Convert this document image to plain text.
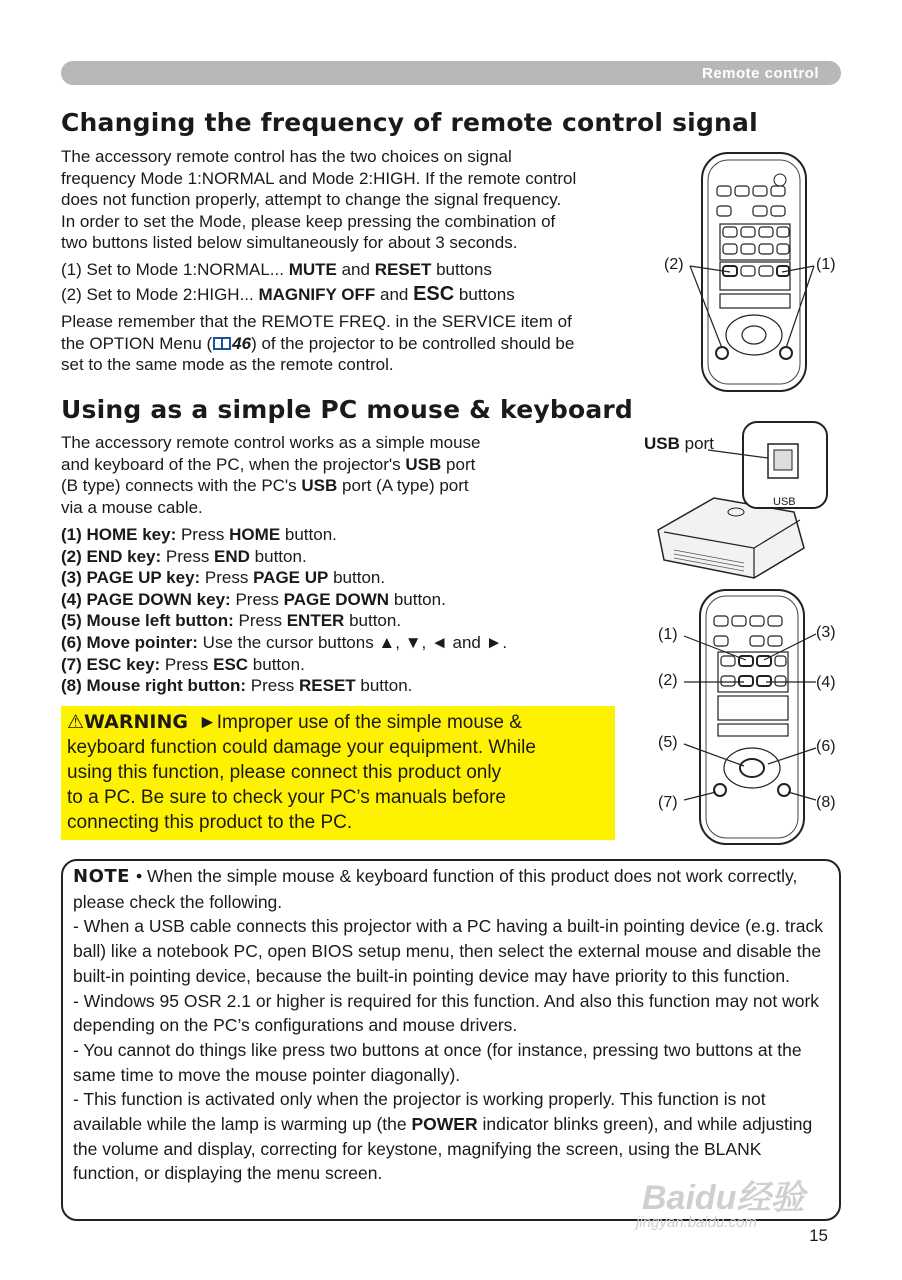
Remote control
Changing the frequency of remote control signal

The accessory remote control has the two choices on signal

frequency Mode 1:NORMAL and Mode 2:HIGH. If the remote control

does not function properly, attempt to change the signal frequency.

In order to set the Mode, please keep pressing the combination of

two buttons listed below simultaneously for about 3 seconds.

(1) Set to Mode 1:NORMAL... MUTE and RESET buttons

(2) Set to Mode 2:HIGH... MAGNIFY OFF and ESC buttons

Please remember that the REMOTE FREQ. in the SERVICE item of

the OPTION Menu ( 46) of the projector to be controlled should be

set to the same mode as the remote control.

(2)	(1)
Using as a simple PC mouse & keyboard

The accessory remote control works as a simple mouse

and keyboard of the PC, when the projector's USB port

(B type) connects with the PC's USB port (A type) port

via a mouse cable.

(1) HOME key: Press HOME button.
(2) END key: Press END button.
(3) PAGE UP key: Press PAGE UP button.
(4) PAGE DOWN key: Press PAGE DOWN button.
(5) Mouse left button: Press ENTER button.
(6) Move pointer: Use the cursor buttons ▲, ▼, ◄ and ►.
(7) ESC key: Press ESC button.
(8) Mouse right button: Press RESET button.
USB port
USB
(1)
(2)
(3)
(4)
(5)	(6)
(7)	(8)
⚠WARNING ►Improper use of the simple mouse &
keyboard function could damage your equipment. While
using this function, please connect this product only
to a PC. Be sure to check your PC’s manuals before
connecting this product to the PC.

NOTE • When the simple mouse & keyboard function of this product does not work correctly, please check the following.

- When a USB cable connects this projector with a PC having a built-in pointing device (e.g. track ball) like a notebook PC, open BIOS setup menu, then select the external mouse and disable the built-in pointing device, because the built-in pointing device may have priority to this function.

- Windows 95 OSR 2.1 or higher is required for this function. And also this function may not work depending on the PC’s configurations and mouse drivers.

- You cannot do things like press two buttons at once (for instance, pressing two buttons at the same time to move the mouse pointer diagonally).

- This function is activated only when the projector is working properly. This function is not available while the lamp is warming up (the POWER indicator blinks green), and while adjusting the volume and display, correcting for keystone, magnifying the screen, using the BLANK function, or displaying the menu screen.

Baidu经验
jingyan.baidu.com
15
